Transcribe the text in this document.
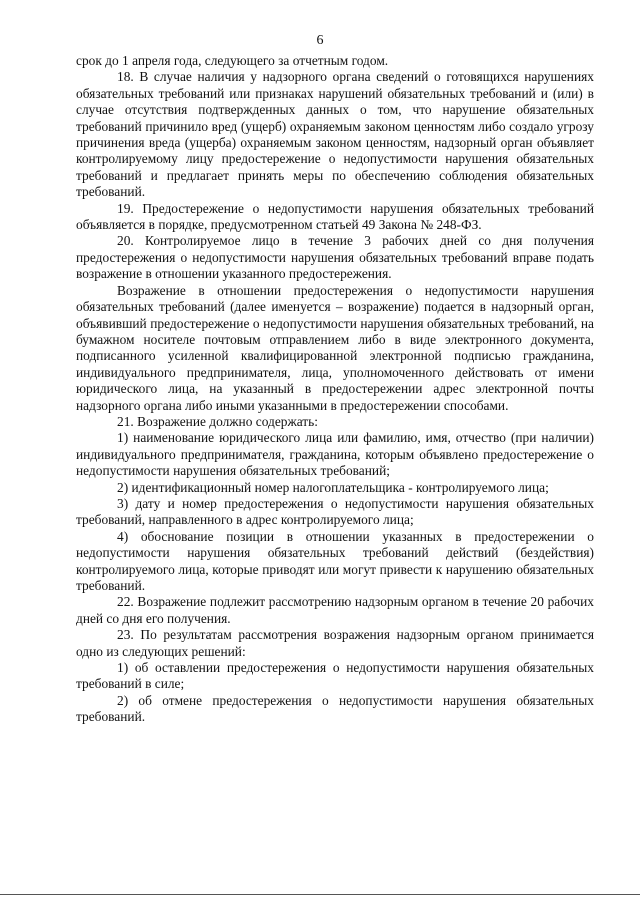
6

срок до 1 апреля года, следующего за отчетным годом.

18. В случае наличия у надзорного органа сведений о готовящихся нарушениях обязательных требований или признаках нарушений обязательных требований и (или) в случае отсутствия подтвержденных данных о том, что нарушение обязательных требований причинило вред (ущерб) охраняемым законом ценностям либо создало угрозу причинения вреда (ущерба) охраняемым законом ценностям, надзорный орган объявляет контролируемому лицу предостережение о недопустимости нарушения обязательных требований и предлагает принять меры по обеспечению соблюдения обязательных требований.

19. Предостережение о недопустимости нарушения обязательных требований объявляется в порядке, предусмотренном статьей 49 Закона № 248-ФЗ.

20. Контролируемое лицо в течение 3 рабочих дней со дня получения предостережения о недопустимости нарушения обязательных требований вправе подать возражение в отношении указанного предостережения.

Возражение в отношении предостережения о недопустимости нарушения обязательных требований (далее именуется – возражение) подается в надзорный орган, объявивший предостережение о недопустимости нарушения обязательных требований, на бумажном носителе почтовым отправлением либо в виде электронного документа, подписанного усиленной квалифицированной электронной подписью гражданина, индивидуального предпринимателя, лица, уполномоченного действовать от имени юридического лица, на указанный в предостережении адрес электронной почты надзорного органа либо иными указанными в предостережении способами.

21. Возражение должно содержать:

1) наименование юридического лица или фамилию, имя, отчество (при наличии) индивидуального предпринимателя, гражданина, которым объявлено предостережение о недопустимости нарушения обязательных требований;

2) идентификационный номер налогоплательщика - контролируемого лица;

3) дату и номер предостережения о недопустимости нарушения обязательных требований, направленного в адрес контролируемого лица;

4) обоснование позиции в отношении указанных в предостережении о недопустимости нарушения обязательных требований действий (бездействия) контролируемого лица, которые приводят или могут привести к нарушению обязательных требований.

22. Возражение подлежит рассмотрению надзорным органом в течение 20 рабочих дней со дня его получения.

23. По результатам рассмотрения возражения надзорным органом принимается одно из следующих решений:

1) об оставлении предостережения о недопустимости нарушения обязательных требований в силе;

2) об отмене предостережения о недопустимости нарушения обязательных требований.
